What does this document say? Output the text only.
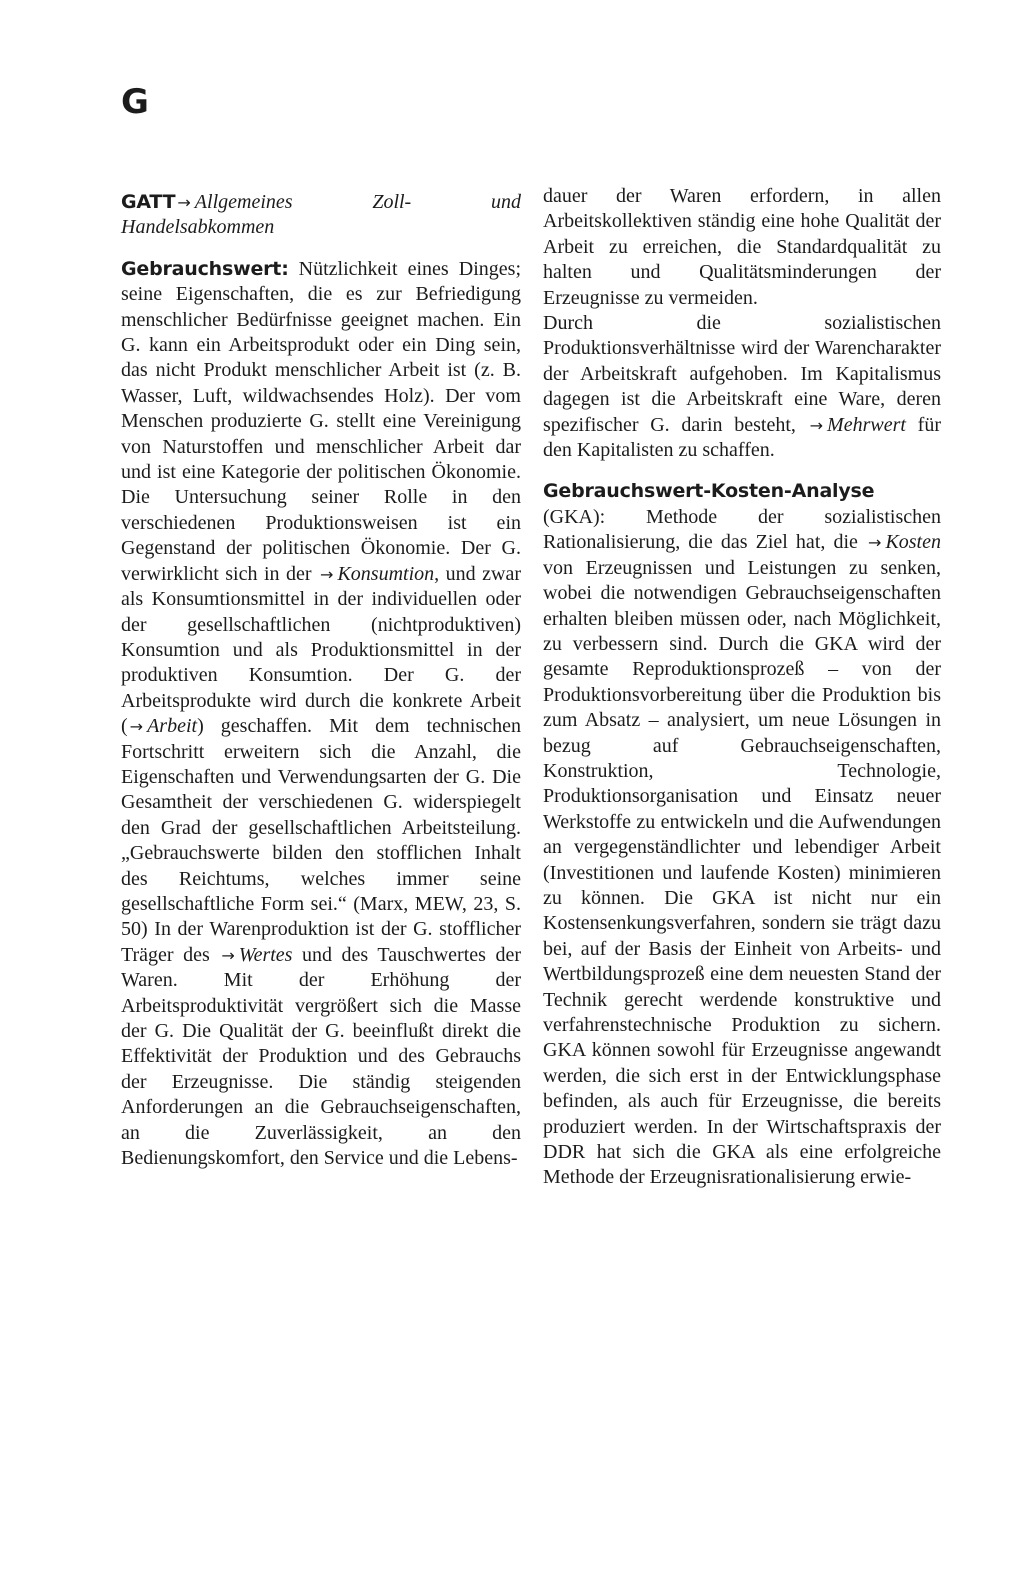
G

GATT → Allgemeines Zoll- und Handelsabkommen

Gebrauchswert: Nützlichkeit eines Dinges; seine Eigenschaften, die es zur Befriedigung menschlicher Bedürfnisse geeignet machen. Ein G. kann ein Arbeitsprodukt oder ein Ding sein, das nicht Produkt menschlicher Arbeit ist (z. B. Wasser, Luft, wildwachsendes Holz). Der vom Menschen produzierte G. stellt eine Vereinigung von Naturstoffen und menschlicher Arbeit dar und ist eine Kategorie der politischen Ökonomie. Die Untersuchung seiner Rolle in den verschiedenen Produktionsweisen ist ein Gegenstand der politischen Ökonomie. Der G. verwirklicht sich in der → Konsumtion, und zwar als Konsumtionsmittel in der individuellen oder der gesellschaftlichen (nichtproduktiven) Konsumtion und als Produktionsmittel in der produktiven Konsumtion. Der G. der Arbeitsprodukte wird durch die konkrete Arbeit ( → Arbeit) geschaffen. Mit dem technischen Fortschritt erweitern sich die Anzahl, die Eigenschaften und Verwendungsarten der G. Die Gesamtheit der verschiedenen G. widerspiegelt den Grad der gesellschaftlichen Arbeitsteilung. „Gebrauchswerte bilden den stofflichen Inhalt des Reichtums, welches immer seine gesellschaftliche Form sei.“ (Marx, MEW, 23, S. 50) In der Warenproduktion ist der G. stofflicher Träger des → Wertes und des Tauschwertes der Waren. Mit der Erhöhung der Arbeitsproduktivität vergrößert sich die Masse der G. Die Qualität der G. beeinflußt direkt die Effektivität der Produktion und des Gebrauchs der Erzeugnisse. Die ständig steigenden Anforderungen an die Gebrauchseigenschaften, an die Zuverlässigkeit, an den Bedienungskomfort, den Service und die Lebens-

dauer der Waren erfordern, in allen Arbeitskollektiven ständig eine hohe Qualität der Arbeit zu erreichen, die Standardqualität zu halten und Qualitätsminderungen der Erzeugnisse zu vermeiden.

Durch die sozialistischen Produktionsverhältnisse wird der Warencharakter der Arbeitskraft aufgehoben. Im Kapitalismus dagegen ist die Arbeitskraft eine Ware, deren spezifischer G. darin besteht, → Mehrwert für den Kapitalisten zu schaffen.

Gebrauchswert-Kosten-Analyse
(GKA): Methode der sozialistischen Rationalisierung, die das Ziel hat, die → Kosten von Erzeugnissen und Leistungen zu senken, wobei die notwendigen Gebrauchseigenschaften erhalten bleiben müssen oder, nach Möglichkeit, zu verbessern sind. Durch die GKA wird der gesamte Reproduktionsprozeß – von der Produktionsvorbereitung über die Produktion bis zum Absatz – analysiert, um neue Lösungen in bezug auf Gebrauchseigenschaften, Konstruktion, Technologie, Produktionsorganisation und Einsatz neuer Werkstoffe zu entwickeln und die Aufwendungen an vergegenständlichter und lebendiger Arbeit (Investitionen und laufende Kosten) minimieren zu können. Die GKA ist nicht nur ein Kostensenkungsverfahren, sondern sie trägt dazu bei, auf der Basis der Einheit von Arbeits- und Wertbildungsprozeß eine dem neuesten Stand der Technik gerecht werdende konstruktive und verfahrenstechnische Produktion zu sichern. GKA können sowohl für Erzeugnisse angewandt werden, die sich erst in der Entwicklungsphase befinden, als auch für Erzeugnisse, die bereits produziert werden. In der Wirtschaftspraxis der DDR hat sich die GKA als eine erfolgreiche Methode der Erzeugnisrationalisierung erwie-
